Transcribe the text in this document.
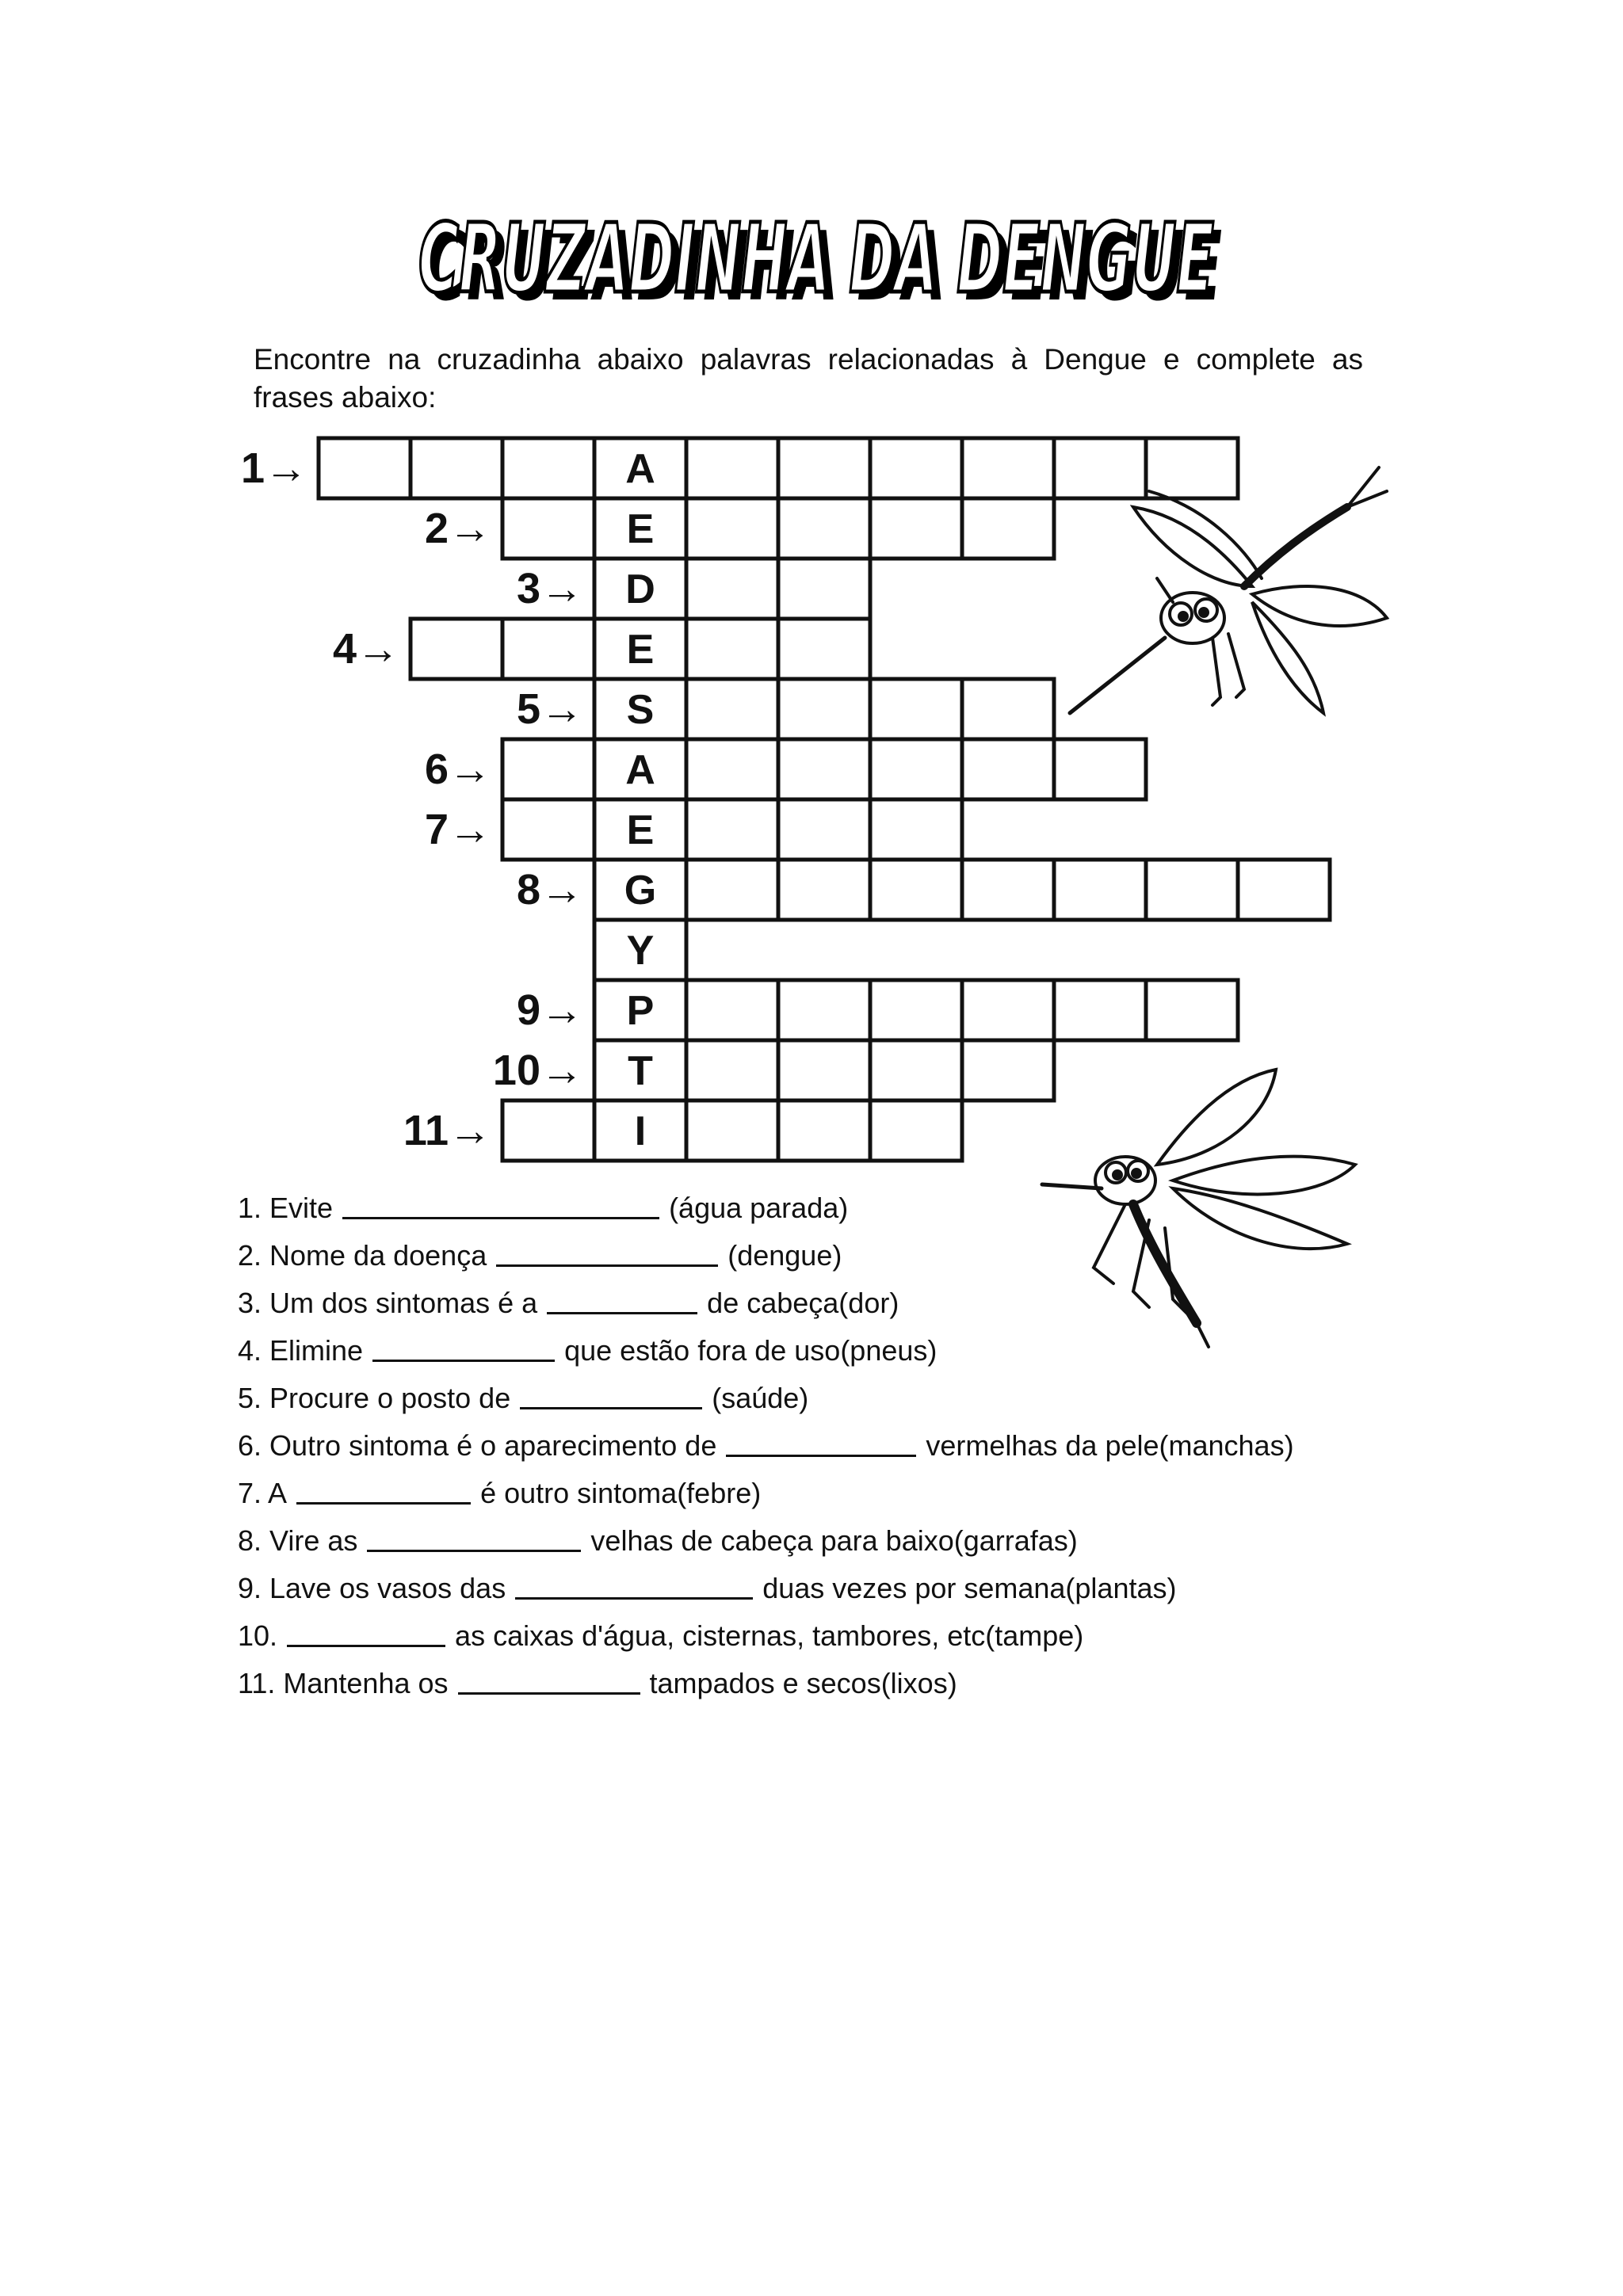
CRUZADINHA DA DENGUE
CRUZADINHA DA DENGUE
Encontre na cruzadinha abaixo palavras relacionadas à Dengue e complete as frases abaixo:
A
1→
E
2→
D
3→
E
4→
S
5→
A
6→
E
7→
G
8→
Y
P
9→
T
10→
I
11→
1. Evite	(água parada)
2. Nome da doença	(dengue)
3. Um dos sintomas é a	de cabeça(dor)
4. Elimine	que estão fora de uso(pneus)
5. Procure o posto de	(saúde)
6. Outro sintoma é o aparecimento de	vermelhas da pele(manchas)
7. A	é outro sintoma(febre)
8. Vire as	velhas de cabeça para baixo(garrafas)
9. Lave os vasos das	duas vezes por semana(plantas)
10.	as caixas d'água, cisternas, tambores, etc(tampe)
11. Mantenha os	tampados e secos(lixos)
